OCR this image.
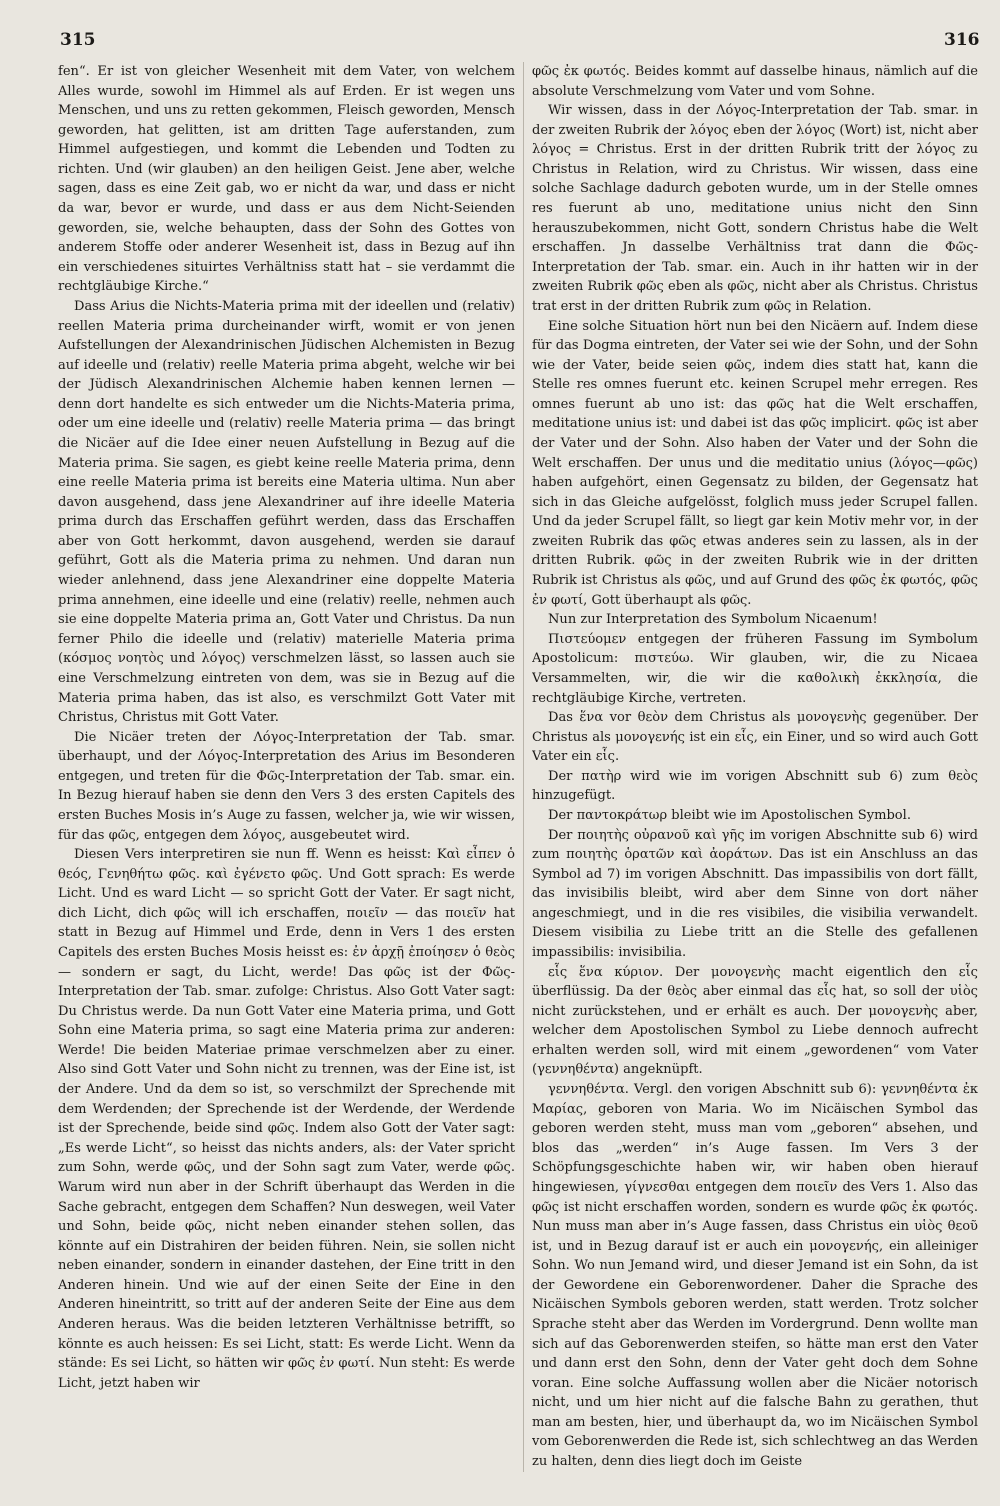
315	316

fen“. Er ist von gleicher Wesenheit mit dem Vater, von welchem Alles wurde, sowohl im Himmel als auf Erden. Er ist wegen uns Menschen, und uns zu retten gekommen, Fleisch geworden, Mensch geworden, hat gelitten, ist am dritten Tage auferstanden, zum Himmel aufgestiegen, und kommt die Lebenden und Todten zu richten. Und (wir glauben) an den heiligen Geist. Jene aber, welche sagen, dass es eine Zeit gab, wo er nicht da war, und dass er nicht da war, bevor er wurde, und dass er aus dem Nicht-Seienden geworden, sie, welche behaupten, dass der Sohn des Gottes von anderem Stoffe oder anderer Wesenheit ist, dass in Bezug auf ihn ein verschiedenes situirtes Verhältniss statt hat – sie verdammt die rechtgläubige Kirche.“

Dass Arius die Nichts-Materia prima mit der ideellen und (relativ) reellen Materia prima durcheinander wirft, womit er von jenen Aufstellungen der Alexandrinischen Jüdischen Alchemisten in Bezug auf ideelle und (relativ) reelle Materia prima abgeht, welche wir bei der Jüdisch Alexandrinischen Alchemie haben kennen lernen — denn dort handelte es sich entweder um die Nichts-Materia prima, oder um eine ideelle und (relativ) reelle Materia prima — das bringt die Nicäer auf die Idee einer neuen Aufstellung in Bezug auf die Materia prima. Sie sagen, es giebt keine reelle Materia prima, denn eine reelle Materia prima ist bereits eine Materia ultima. Nun aber davon ausgehend, dass jene Alexandriner auf ihre ideelle Materia prima durch das Erschaffen geführt werden, dass das Erschaffen aber von Gott herkommt, davon ausgehend, werden sie darauf geführt, Gott als die Materia prima zu nehmen. Und daran nun wieder anlehnend, dass jene Alexandriner eine doppelte Materia prima annehmen, eine ideelle und eine (relativ) reelle, nehmen auch sie eine doppelte Materia prima an, Gott Vater und Christus. Da nun ferner Philo die ideelle und (relativ) materielle Materia prima (κόσμος νοητὸς und λόγος) verschmelzen lässt, so lassen auch sie eine Verschmelzung eintreten von dem, was sie in Bezug auf die Materia prima haben, das ist also, es verschmilzt Gott Vater mit Christus, Christus mit Gott Vater.

Die Nicäer treten der Λόγος-Interpretation der Tab. smar. überhaupt, und der Λόγος-Interpretation des Arius im Besonderen entgegen, und treten für die Φῶς-Interpretation der Tab. smar. ein. In Bezug hierauf haben sie denn den Vers 3 des ersten Capitels des ersten Buches Mosis in’s Auge zu fassen, welcher ja, wie wir wissen, für das φῶς, entgegen dem λόγος, ausgebeutet wird.

Diesen Vers interpretiren sie nun ff. Wenn es heisst: Καὶ εἶπεν ὁ θεός, Γενηθήτω φῶς. καὶ ἐγένετο φῶς. Und Gott sprach: Es werde Licht. Und es ward Licht — so spricht Gott der Vater. Er sagt nicht, dich Licht, dich φῶς will ich erschaffen, ποιεῖν — das ποιεῖν hat statt in Bezug auf Himmel und Erde, denn in Vers 1 des ersten Capitels des ersten Buches Mosis heisst es: ἐν ἀρχῇ ἐποίησεν ὁ θεὸς — sondern er sagt, du Licht, werde! Das φῶς ist der Φῶς-Interpretation der Tab. smar. zufolge: Christus. Also Gott Vater sagt: Du Christus werde. Da nun Gott Vater eine Materia prima, und Gott Sohn eine Materia prima, so sagt eine Materia prima zur anderen: Werde! Die beiden Materiae primae verschmelzen aber zu einer. Also sind Gott Vater und Sohn nicht zu trennen, was der Eine ist, ist der Andere. Und da dem so ist, so verschmilzt der Sprechende mit dem Werdenden; der Sprechende ist der Werdende, der Werdende ist der Sprechende, beide sind φῶς. Indem also Gott der Vater sagt: „Es werde Licht“, so heisst das nichts anders, als: der Vater spricht zum Sohn, werde φῶς, und der Sohn sagt zum Vater, werde φῶς. Warum wird nun aber in der Schrift überhaupt das Werden in die Sache gebracht, entgegen dem Schaffen? Nun deswegen, weil Vater und Sohn, beide φῶς, nicht neben einander stehen sollen, das könnte auf ein Distrahiren der beiden führen. Nein, sie sollen nicht neben einander, sondern in einander dastehen, der Eine tritt in den Anderen hinein. Und wie auf der einen Seite der Eine in den Anderen hineintritt, so tritt auf der anderen Seite der Eine aus dem Anderen heraus. Was die beiden letzteren Verhältnisse betrifft, so könnte es auch heissen: Es sei Licht, statt: Es werde Licht. Wenn da stände: Es sei Licht, so hätten wir φῶς ἐν φωτί. Nun steht: Es werde Licht, jetzt haben wir

φῶς ἐκ φωτός. Beides kommt auf dasselbe hinaus, nämlich auf die absolute Verschmelzung vom Vater und vom Sohne.

Wir wissen, dass in der Λόγος-Interpretation der Tab. smar. in der zweiten Rubrik der λόγος eben der λόγος (Wort) ist, nicht aber λόγος = Christus. Erst in der dritten Rubrik tritt der λόγος zu Christus in Relation, wird zu Christus. Wir wissen, dass eine solche Sachlage dadurch geboten wurde, um in der Stelle omnes res fuerunt ab uno, meditatione unius nicht den Sinn herauszubekommen, nicht Gott, sondern Christus habe die Welt erschaffen. Jn dasselbe Verhältniss trat dann die Φῶς-Interpretation der Tab. smar. ein. Auch in ihr hatten wir in der zweiten Rubrik φῶς eben als φῶς, nicht aber als Christus. Christus trat erst in der dritten Rubrik zum φῶς in Relation.

Eine solche Situation hört nun bei den Nicäern auf. Indem diese für das Dogma eintreten, der Vater sei wie der Sohn, und der Sohn wie der Vater, beide seien φῶς, indem dies statt hat, kann die Stelle res omnes fuerunt etc. keinen Scrupel mehr erregen. Res omnes fuerunt ab uno ist: das φῶς hat die Welt erschaffen, meditatione unius ist: und dabei ist das φῶς implicirt. φῶς ist aber der Vater und der Sohn. Also haben der Vater und der Sohn die Welt erschaffen. Der unus und die meditatio unius (λόγος—φῶς) haben aufgehört, einen Gegensatz zu bilden, der Gegensatz hat sich in das Gleiche aufgelösst, folglich muss jeder Scrupel fallen. Und da jeder Scrupel fällt, so liegt gar kein Motiv mehr vor, in der zweiten Rubrik das φῶς etwas anderes sein zu lassen, als in der dritten Rubrik. φῶς in der zweiten Rubrik wie in der dritten Rubrik ist Christus als φῶς, und auf Grund des φῶς ἐκ φωτός, φῶς ἐν φωτί, Gott überhaupt als φῶς.

Nun zur Interpretation des Symbolum Nicaenum!

Πιστεύομεν entgegen der früheren Fassung im Symbolum Apostolicum: πιστεύω. Wir glauben, wir, die zu Nicaea Versammelten, wir, die wir die καθολικὴ ἐκκλησία, die rechtgläubige Kirche, vertreten.

Das ἕνα vor θεὸν dem Christus als μονογενὴς gegenüber. Der Christus als μονογενής ist ein εἷς, ein Einer, und so wird auch Gott Vater ein εἷς.

Der πατὴρ wird wie im vorigen Abschnitt sub 6) zum θεὸς hinzugefügt.

Der παντοκράτωρ bleibt wie im Apostolischen Symbol.

Der ποιητὴς οὐρανοῦ καὶ γῆς im vorigen Abschnitte sub 6) wird zum ποιητὴς ὁρατῶν καὶ ἀοράτων. Das ist ein Anschluss an das Symbol ad 7) im vorigen Abschnitt. Das impassibilis von dort fällt, das invisibilis bleibt, wird aber dem Sinne von dort näher angeschmiegt, und in die res visibiles, die visibilia verwandelt. Diesem visibilia zu Liebe tritt an die Stelle des gefallenen impassibilis: invisibilia.

εἷς ἕνα κύριον. Der μονογενὴς macht eigentlich den εἷς überflüssig. Da der θεὸς aber einmal das εἷς hat, so soll der υἱὸς nicht zurückstehen, und er erhält es auch. Der μονογενὴς aber, welcher dem Apostolischen Symbol zu Liebe dennoch aufrecht erhalten werden soll, wird mit einem „gewordenen“ vom Vater (γεννηθέντα) angeknüpft.

γεννηθέντα. Vergl. den vorigen Abschnitt sub 6): γεννηθέντα ἐκ Μαρίας, geboren von Maria. Wo im Nicäischen Symbol das geboren werden steht, muss man vom „geboren“ absehen, und blos das „werden“ in’s Auge fassen. Im Vers 3 der Schöpfungsgeschichte haben wir, wir haben oben hierauf hingewiesen, γίγνεσθαι entgegen dem ποιεῖν des Vers 1. Also das φῶς ist nicht erschaffen worden, sondern es wurde φῶς ἐκ φωτός. Nun muss man aber in’s Auge fassen, dass Christus ein υἱὸς θεοῦ ist, und in Bezug darauf ist er auch ein μονογενής, ein alleiniger Sohn. Wo nun Jemand wird, und dieser Jemand ist ein Sohn, da ist der Gewordene ein Geborenwordener. Daher die Sprache des Nicäischen Symbols geboren werden, statt werden. Trotz solcher Sprache steht aber das Werden im Vordergrund. Denn wollte man sich auf das Geborenwerden steifen, so hätte man erst den Vater und dann erst den Sohn, denn der Vater geht doch dem Sohne voran. Eine solche Auffassung wollen aber die Nicäer notorisch nicht, und um hier nicht auf die falsche Bahn zu gerathen, thut man am besten, hier, und überhaupt da, wo im Nicäischen Symbol vom Geborenwerden die Rede ist, sich schlechtweg an das Werden zu halten, denn dies liegt doch im Geiste
